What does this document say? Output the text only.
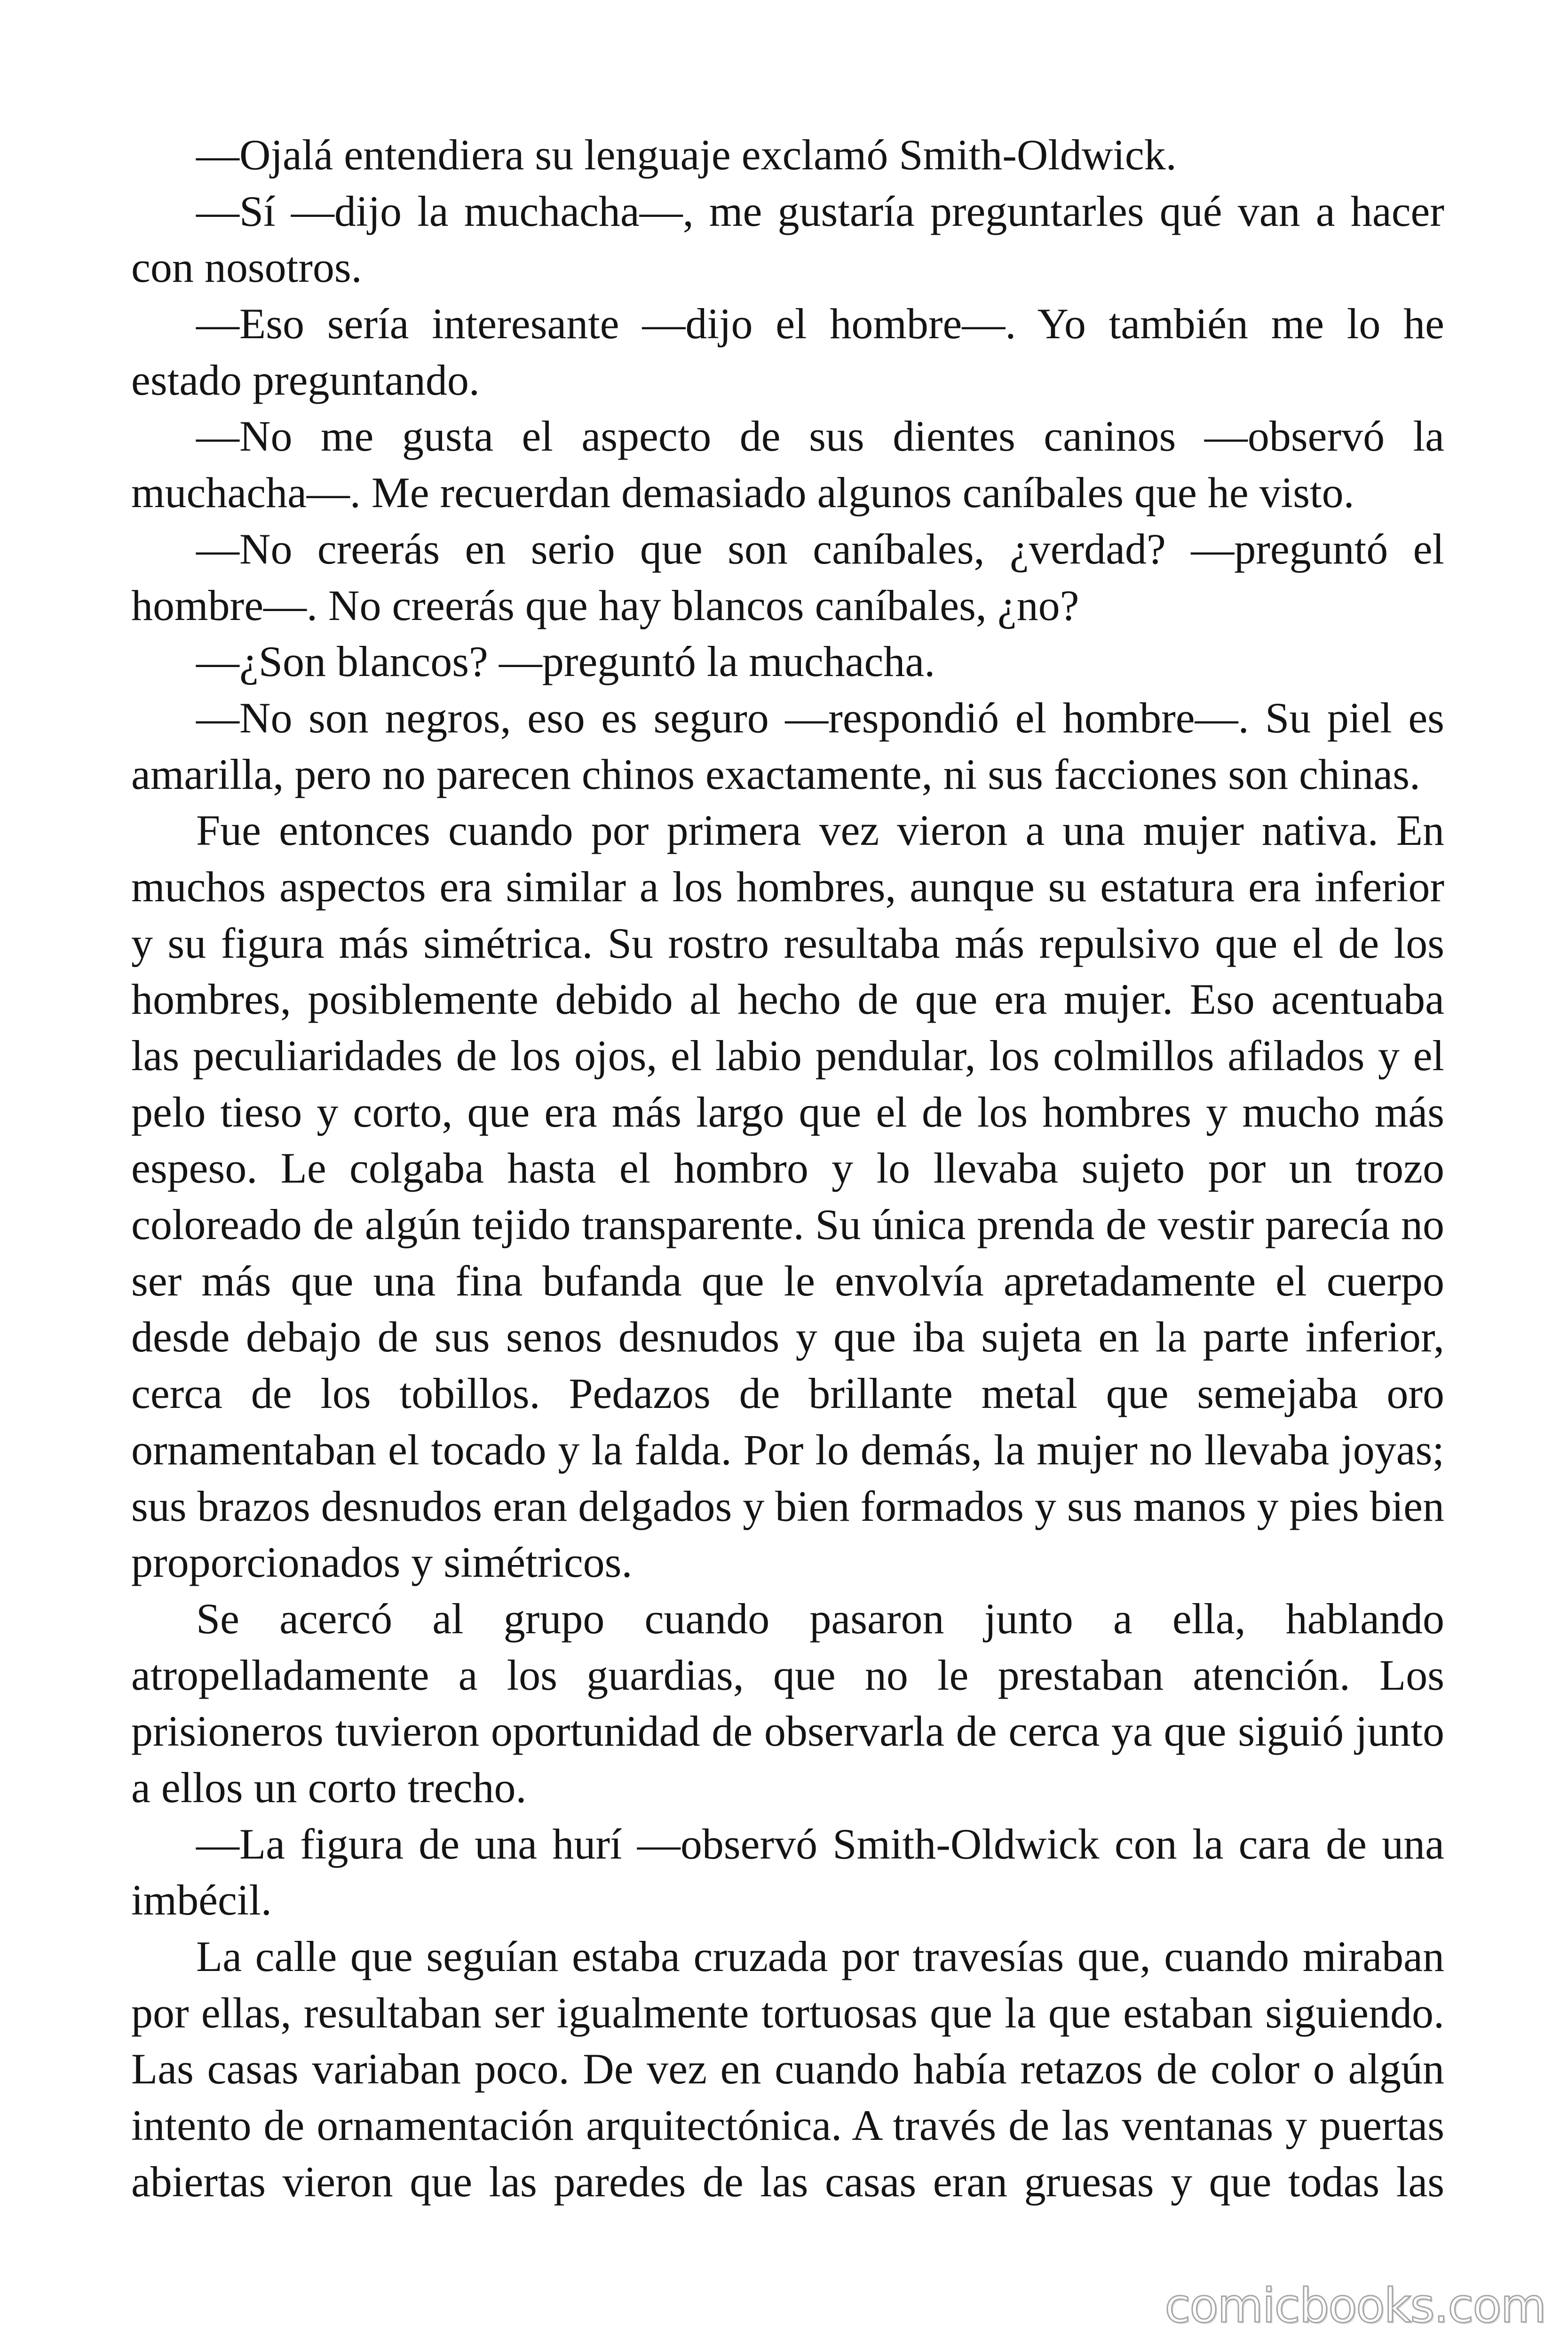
—Ojalá entendiera su lenguaje exclamó Smith-Oldwick.
—Sí —dijo la muchacha—, me gustaría preguntarles qué van a hacer
con nosotros.
—Eso sería interesante —dijo el hombre—. Yo también me lo he
estado preguntando.
—No me gusta el aspecto de sus dientes caninos —observó la
muchacha—. Me recuerdan demasiado algunos caníbales que he visto.
—No creerás en serio que son caníbales, ¿verdad? —preguntó el
hombre—. No creerás que hay blancos caníbales, ¿no?
—¿Son blancos? —preguntó la muchacha.
—No son negros, eso es seguro —respondió el hombre—. Su piel es
amarilla, pero no parecen chinos exactamente, ni sus facciones son chinas.
Fue entonces cuando por primera vez vieron a una mujer nativa. En
muchos aspectos era similar a los hombres, aunque su estatura era inferior
y su figura más simétrica. Su rostro resultaba más repulsivo que el de los
hombres, posiblemente debido al hecho de que era mujer. Eso acentuaba
las peculiaridades de los ojos, el labio pendular, los colmillos afilados y el
pelo tieso y corto, que era más largo que el de los hombres y mucho más
espeso. Le colgaba hasta el hombro y lo llevaba sujeto por un trozo
coloreado de algún tejido transparente. Su única prenda de vestir parecía no
ser más que una fina bufanda que le envolvía apretadamente el cuerpo
desde debajo de sus senos desnudos y que iba sujeta en la parte inferior,
cerca de los tobillos. Pedazos de brillante metal que semejaba oro
ornamentaban el tocado y la falda. Por lo demás, la mujer no llevaba joyas;
sus brazos desnudos eran delgados y bien formados y sus manos y pies bien
proporcionados y simétricos.
Se acercó al grupo cuando pasaron junto a ella, hablando
atropelladamente a los guardias, que no le prestaban atención. Los
prisioneros tuvieron oportunidad de observarla de cerca ya que siguió junto
a ellos un corto trecho.
—La figura de una hurí —observó Smith-Oldwick con la cara de una
imbécil.
La calle que seguían estaba cruzada por travesías que, cuando miraban
por ellas, resultaban ser igualmente tortuosas que la que estaban siguiendo.
Las casas variaban poco. De vez en cuando había retazos de color o algún
intento de ornamentación arquitectónica. A través de las ventanas y puertas
abiertas vieron que las paredes de las casas eran gruesas y que todas las
comicbooks.com
